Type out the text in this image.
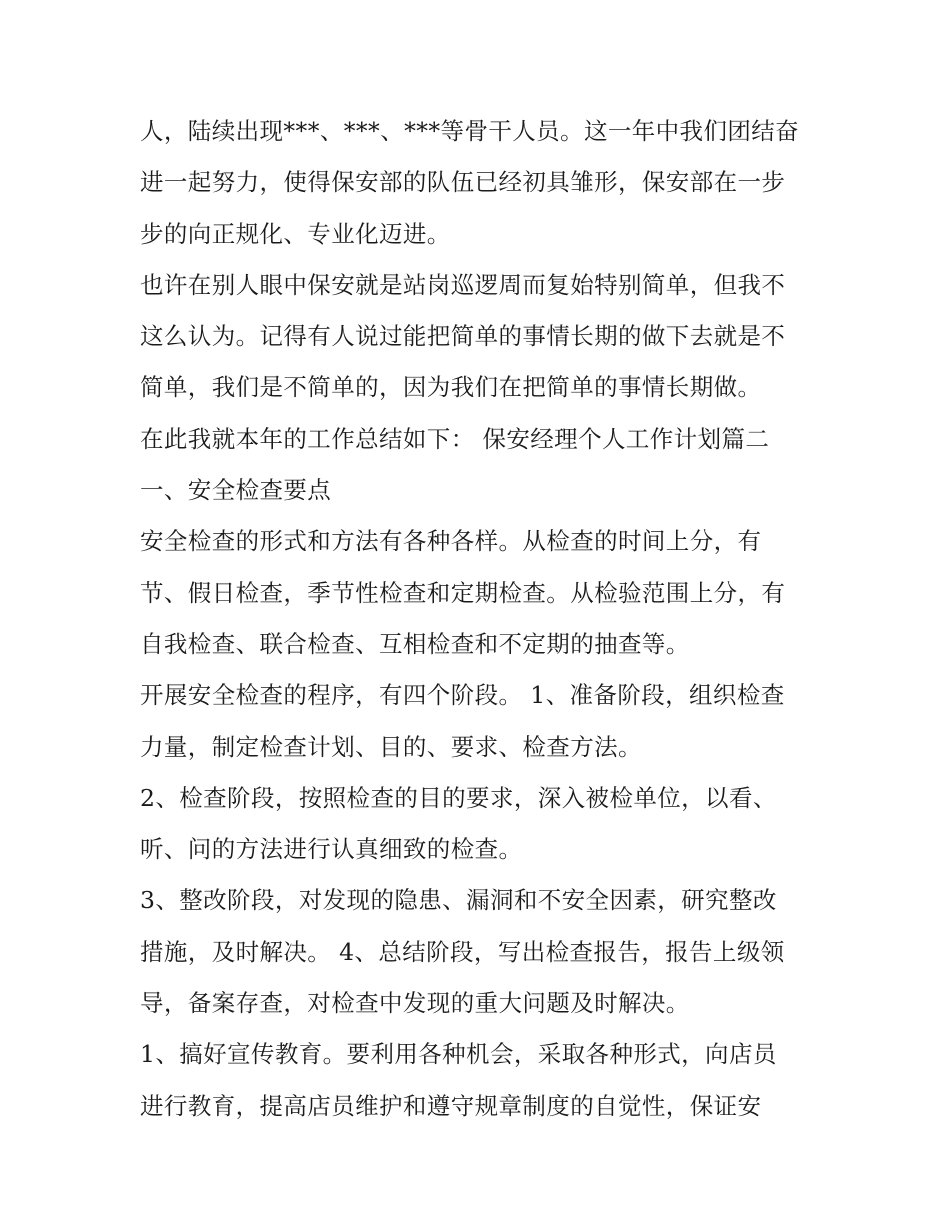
人，陆续出现***、***、***等骨干人员。这一年中我们团结奋
进一起努力，使得保安部的队伍已经初具雏形，保安部在一步
步的向正规化、专业化迈进。
也许在别人眼中保安就是站岗巡逻周而复始特别简单，但我不
这么认为。记得有人说过能把简单的事情长期的做下去就是不
简单，我们是不简单的，因为我们在把简单的事情长期做。
在此我就本年的工作总结如下： 保安经理个人工作计划篇二
一、安全检查要点
安全检查的形式和方法有各种各样。从检查的时间上分，有
节、假日检查，季节性检查和定期检查。从检验范围上分，有
自我检查、联合检查、互相检查和不定期的抽查等。
开展安全检查的程序，有四个阶段。 1、准备阶段，组织检查
力量，制定检查计划、目的、要求、检查方法。
2、检查阶段，按照检查的目的要求，深入被检单位，以看、
听、问的方法进行认真细致的检查。
3、整改阶段，对发现的隐患、漏洞和不安全因素，研究整改
措施，及时解决。 4、总结阶段，写出检查报告，报告上级领
导，备案存查，对检查中发现的重大问题及时解决。
1、搞好宣传教育。要利用各种机会，采取各种形式，向店员
进行教育，提高店员维护和遵守规章制度的自觉性，保证安
